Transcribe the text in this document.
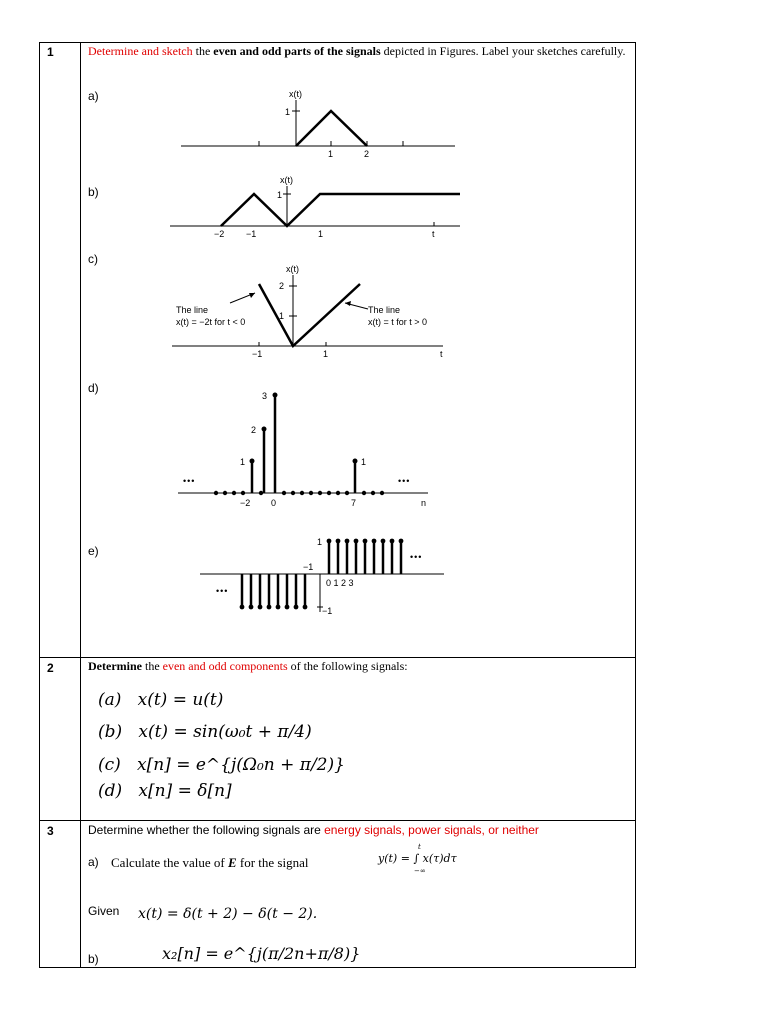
1	Determine and sketch the even and odd parts of the signals depicted in Figures. Label your sketches carefully.
a)	x(t)
1
1	2
b)
x(t)
1
−2 −1	1	t
c)
x(t)
2
1
−1	1	t
The line
x(t) = −2t for t < 0
The line
x(t) = t for t > 0
d)
3
2
1	1
•••	•••
−2 0	7	n
e)
1
−1
0 1 2 3
−1
•••
•••
2	Determine the even and odd components of the following signals:
(a)   x(t) = u(t)
(b)   x(t) = sin(ω₀t + π/4)
(c)   x[n] = e^{j(Ω₀n + π/2)}
(d)   x[n] = δ[n]
3	Determine whether the following signals are energy signals, power signals, or neither
a) Calculate the value of E for the signal	y(t) = ∫ x(τ)dτ
t
−∞
Given x(t) = δ(t + 2) − δ(t − 2).
b)	x₂[n] = e^{j(π/2n+π/8)}
